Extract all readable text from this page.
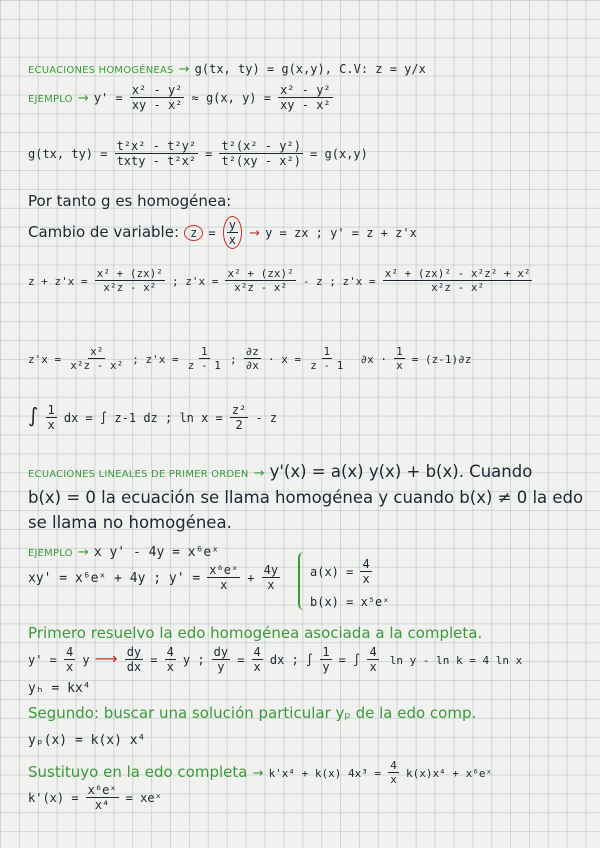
ECUACIONES HOMOGÉNEAS → g(tx, ty) = g(x,y), C.V: z = y/x
EJEMPLO → $y' = \frac{\text{x² - y²}}{\text{xy - x²}} \approx g(x$, $y) = \frac{\text{x² - y²}}{\text{xy - x²}}$
g(tx, $ty) = \frac{\text{t²x² - t²y²}}{\text{txty - t²x²}} = \frac{\text{t²(x² - y²)}}{\text{t²(xy - x²)}} = g(x,y)$
Por tanto g es homogénea:
Cambio de variable: $z = \frac{y}{x} \to y$ = zx ; y' = z + z'x
$z + z'x = \frac{\text{x² + (zx)²}}{\text{x²z - x²}}$ ; $z'x = \frac{\text{x² + (zx)²}}{\text{x²z - x²}} - z$ ; $z'x = \frac{\text{x² + (zx)² - x²z² + x²}}{\text{x²z - x²}}$
$z'x = \frac{\text{x²}}{\text{x²z - x²}}$ ; $z'x = \frac{1}{z - 1}$ ; $\frac{\partial z}{\partial x} \cdot x = \frac{1}{z - 1} \partial x \cdot \frac{1}{x} = (z-1)\partial z$
∫ $\frac{1}{x}$ dx = ∫ z-1 dz ; $\ln x = \frac{\text{z²}}{2} - z$
ECUACIONES LINEALES DE PRIMER ORDEN → y'(x) = a(x) y(x) + b(x). Cuando
b(x) = 0 la ecuación se llama homogénea y cuando b(x) ≠ 0 la edo
se llama no homogénea.
EJEMPLO → x y' - 4y = x⁶eˣ
xy' = x⁶eˣ + 4y ; $y' = \frac{\text{x⁶eˣ}}{x} + \frac{4y}{x} a(x) = \frac{4}{x}$
b(x) = x⁵eˣ
Primero resuelvo la edo homogénea asociada a la completa.
$y' = \frac{4}{x}$ y ⟶ $\frac{dy}{dx} = \frac{4}{x}$ y ; $\frac{dy}{y} = \frac{4}{x}$ dx ; ∫ $\frac{1}{y}$ = ∫ $\frac{4}{x}$ ln y - ln k = 4 ln x
yₕ = kx⁴
Segundo: buscar una solución particular yₚ de la edo comp.
yₚ(x) = k(x) x⁴
Sustituyo en la edo completa → k'x⁴ + k(x) $4x^3 = \frac{4}{x} k(x)x^4$ + x⁶eˣ
$k'(x) = \frac{\text{x⁶eˣ}}{\text{x⁴}}$ = xeˣ
